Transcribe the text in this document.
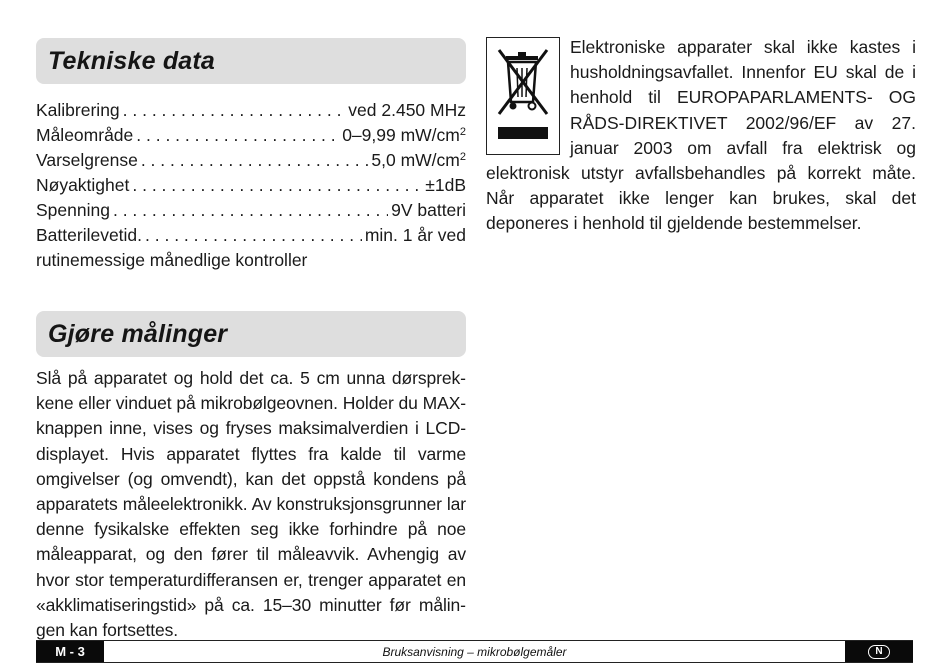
Tekniske data
Kalibrering . . .	ved 2.450 MHz
Måleområde . . .	0–9,99 $mW/cm^2$
Varselgrense . . .	5,0 $mW/cm^2$
Nøyaktighet . . .	±1dB
Spenning . . .	9V batteri
Batterilevetid. . . .	min. 1 år ved
rutinemessige månedlige kontroller
Gjøre målinger

Slå på apparatet og hold det ca. 5 cm unna dørsprekkene eller vinduet på mikrobølgeovnen. Holder du MAX-knappen inne, vises og fryses maksimalverdien i LCD-displayet. Hvis apparatet flyttes fra kalde til varme omgivelser (og omvendt), kan det oppstå kondens på apparatets måleelektronikk. Av konstruksjonsgrunner lar denne fysikalske effekten seg ikke forhindre på noe måleapparat, og den fører til måleavvik. Avhengig av hvor stor temperaturdifferansen er, trenger apparatet en «akklimatiseringstid» på ca. 15–30 minutter før målingen kan fortsettes.

Elektroniske apparater skal ikke kastes i husholdningsavfallet. Innenfor EU skal de i henhold til EUROPAPARLAMENTS- OG RÅDS-DIREKTIVET 2002/96/EF av 27. januar 2003 om avfall fra elektrisk og elektronisk utstyr avfallsbehandles på korrekt måte. Når apparatet ikke lenger kan brukes, skal det deponeres i henhold til gjeldende bestemmelser.
M - 3	Bruksanvisning – mikrobølgemåler	N
